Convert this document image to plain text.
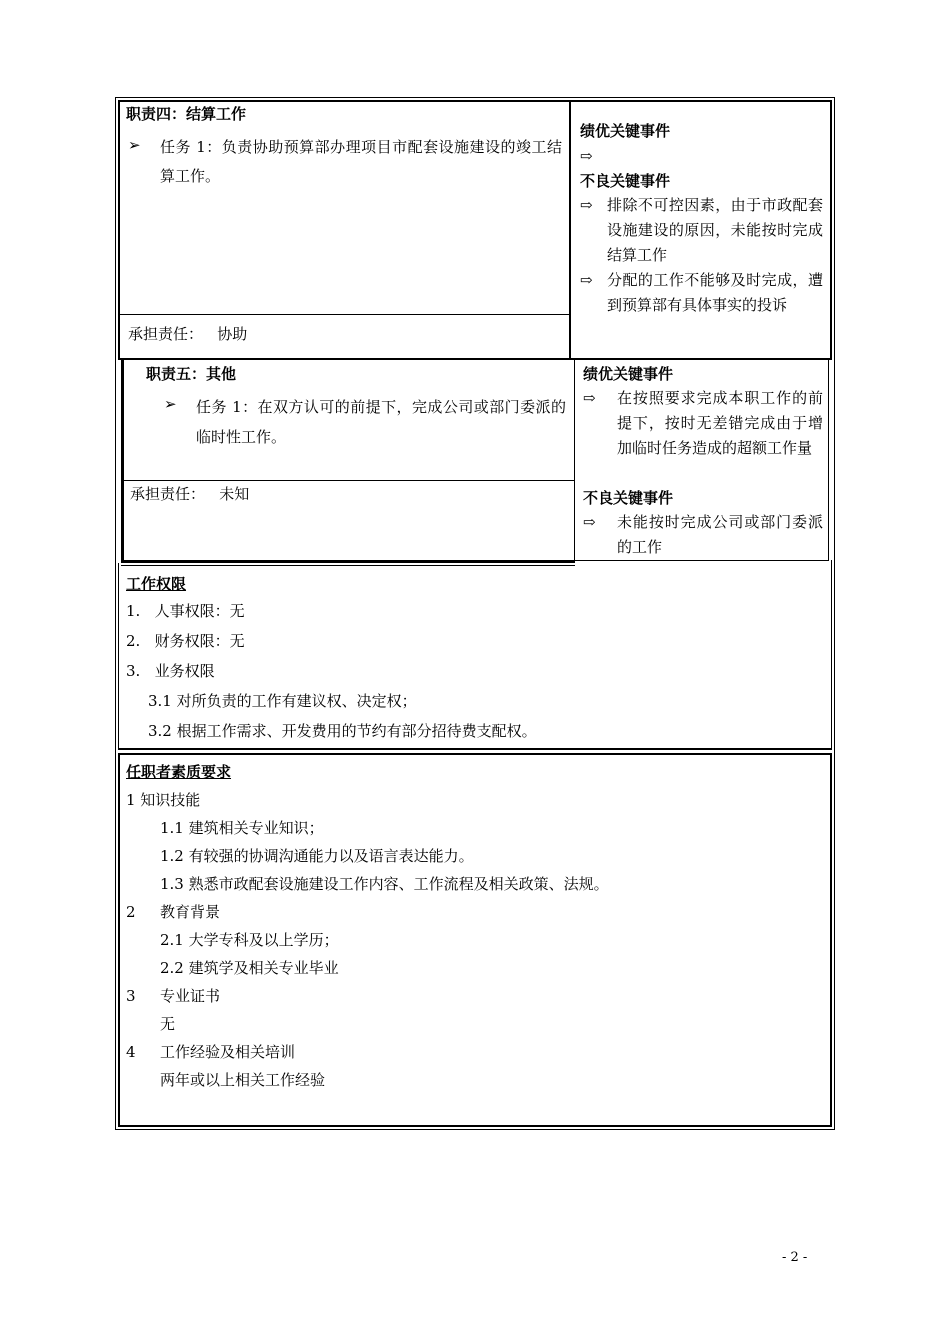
职责四：结算工作
➢ 任务 1：负责协助预算部办理项目市配套设施建设的竣工结算工作。
承担责任：   协助
绩优关键事件
⇨
不良关键事件
⇨ 排除不可控因素，由于市政配套设施建设的原因，未能按时完成结算工作
⇨ 分配的工作不能够及时完成，遭到预算部有具体事实的投诉
职责五：其他
➢ 任务 1：在双方认可的前提下，完成公司或部门委派的临时性工作。
承担责任：   未知
绩优关键事件
⇨ 在按照要求完成本职工作的前提下，按时无差错完成由于增加临时任务造成的超额工作量
不良关键事件
⇨ 未能按时完成公司或部门委派的工作
工作权限
1.   人事权限：无
2.   财务权限：无
3.   业务权限
3.1 对所负责的工作有建议权、决定权；
3.2 根据工作需求、开发费用的节约有部分招待费支配权。
任职者素质要求
1 知识技能
1.1 建筑相关专业知识；
1.2 有较强的协调沟通能力以及语言表达能力。
1.3 熟悉市政配套设施建设工作内容、工作流程及相关政策、法规。
2 教育背景
2.1 大学专科及以上学历；
2.2 建筑学及相关专业毕业
3 专业证书
无
4 工作经验及相关培训
两年或以上相关工作经验
- 2 -
